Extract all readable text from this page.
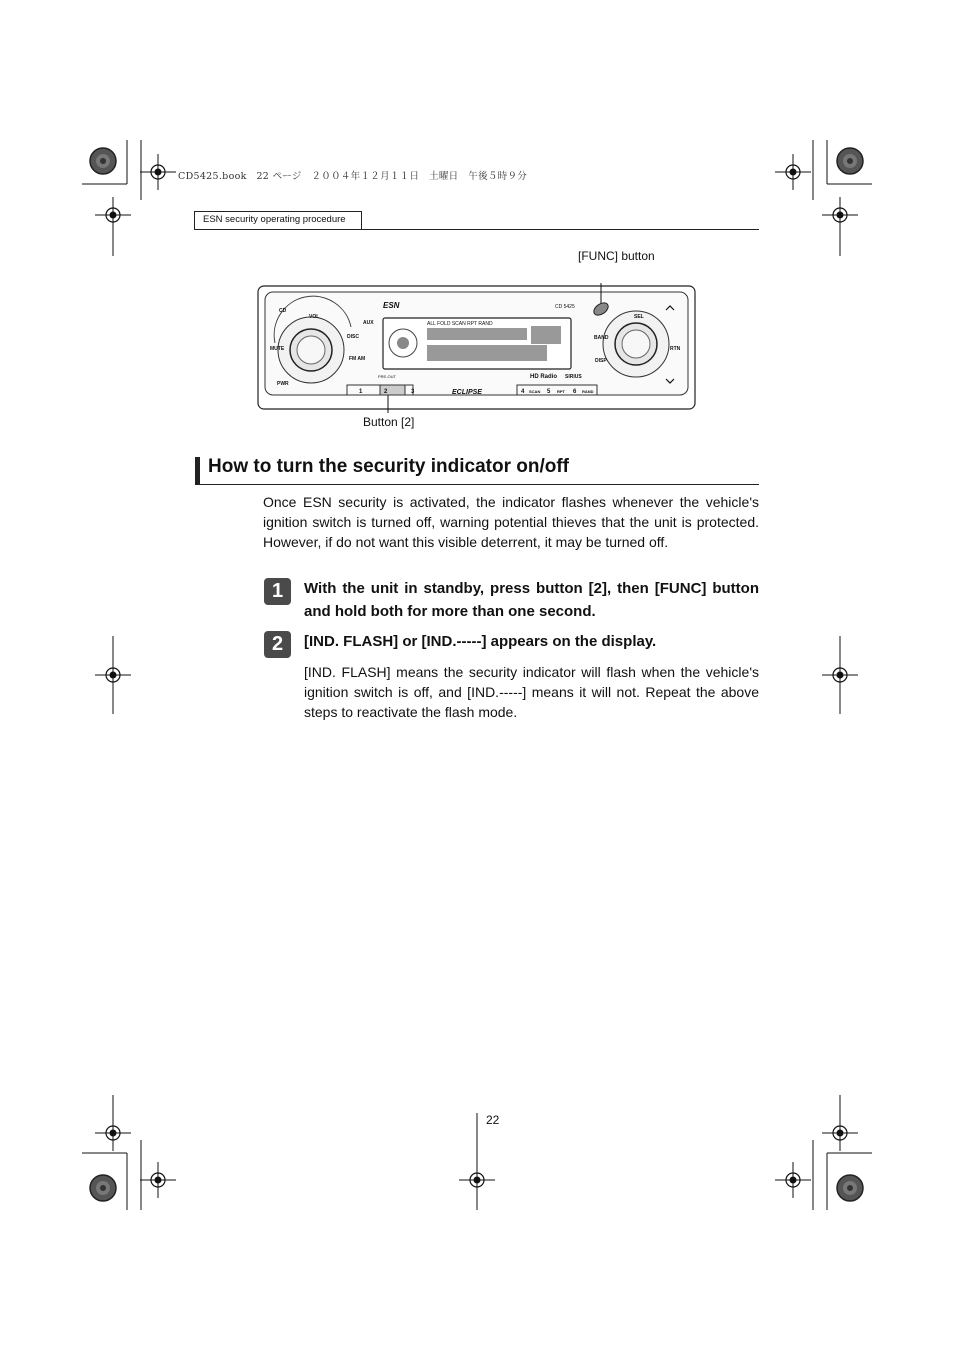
CD5425.book　22 ページ　２００４年１２月１１日　土曜日　午後５時９分
ESN security operating procedure
[FUNC] button
Button [2]
ALL FOLD SCAN RPT RAND
ESN	CD 5425
CD
VOL
MUTE
PWR
DISC
FM AM
AUX
SEL
BAND
DISP
RTN
1	2	3	ECLIPSE	4 SCAN 5 RPT 6 RAND
PRE-OUT	HD Radio SIRIUS
How to turn the security indicator on/off
Once ESN security is activated, the indicator flashes whenever the vehicle's ignition switch is turned off, warning potential thieves that the unit is protected. However, if do not want this visible deterrent, it may be turned off.
1	With the unit in standby, press button [2], then [FUNC] button and hold both for more than one second.
2	[IND. FLASH] or [IND.-----] appears on the display.
[IND. FLASH] means the security indicator will flash when the vehicle's ignition switch is off, and [IND.-----] means it will not. Repeat the above steps to reactivate the flash mode.
22
